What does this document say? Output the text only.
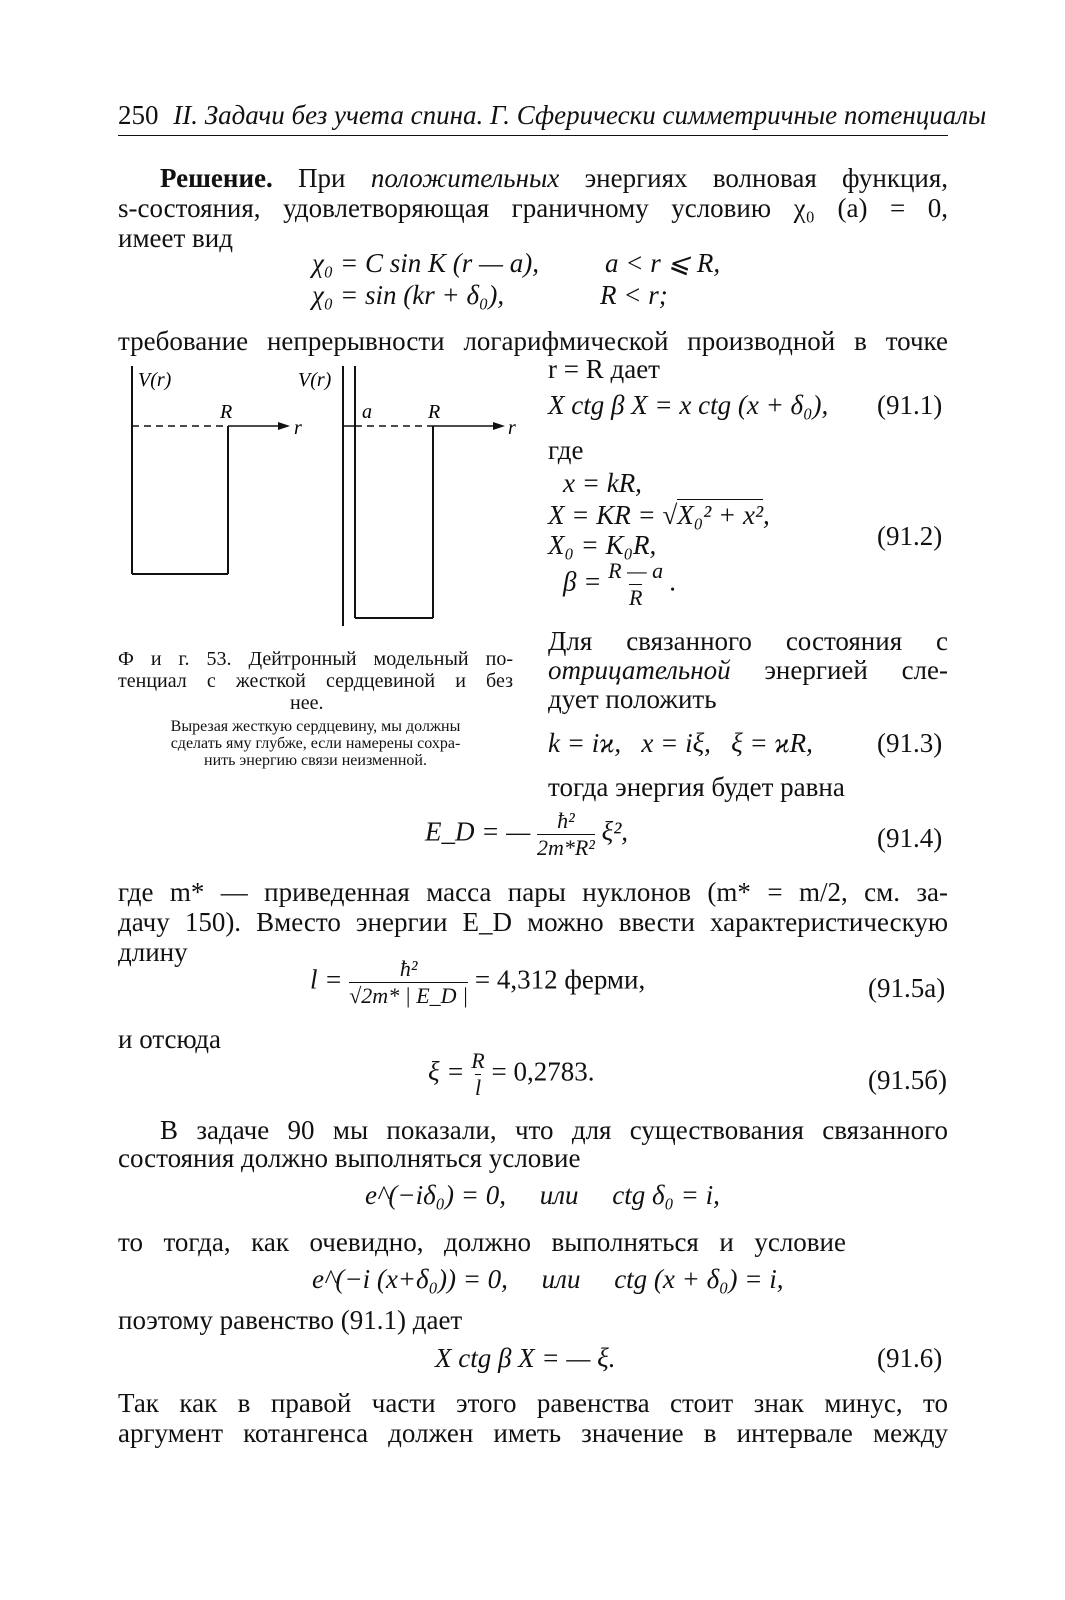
250 II. Задачи без учета спина. Г. Сферически симметричные потенциалы
Решение. При положительных энергиях волновая функция,
s-состояния, удовлетворяющая граничному условию χ₀ (a) = 0,
имеет вид
χ₀ = C sin K (r — a), a < r ⩽ R,
χ₀ = sin (kr + δ₀),	R < r;
требование непрерывности логарифмической производной в точке
r = R дает
V(r)
R
r
V(r)
a	R
r
Ф и г. 53. Дейтронный модельный по-
тенциал с жесткой сердцевиной и без
нее.
Вырезая жесткую сердцевину, мы должны
сделать яму глубже, если намерены сохра-
нить энергию связи неизменной.
X ctg β X = x ctg (x + δ₀), (91.1)
где
x = kR,
X = KR = √X₀² + x²,
X₀ = K₀R,
$\beta = \frac{R — a}{R}$ .
(91.2)
Для связанного состояния с
отрицательной энергией сле-
дует положить
k = iϰ,   x = iξ,   ξ = ϰR, (91.3)
тогда энергия будет равна
E_D = — $\frac{\text{ħ²}}{\text{2m*R²}} \xi^2$,	(91.4)
где m* — приведенная масса пары нуклонов (m* = m/2, см. за-
дачу 150). Вместо энергии E_D можно ввести характеристическую
длину
$l = \frac{\text{ħ²}}{√2m* | E\_D |} = 4,312$ ферми,	(91.5а)
и отсюда
$\xi = \frac{R}{l} = 0,2783$.	(91.5б)
В задаче 90 мы показали, что для существования связанного
состояния должно выполняться условие
e^(−iδ₀) = 0,     или     ctg δ₀ = i,
то тогда, как очевидно, должно выполняться и условие
e^(−i (x+δ₀)) = 0,     или     ctg (x + δ₀) = i,
поэтому равенство (91.1) дает
X ctg β X = — ξ.	(91.6)
Так как в правой части этого равенства стоит знак минус, то
аргумент котангенса должен иметь значение в интервале между
